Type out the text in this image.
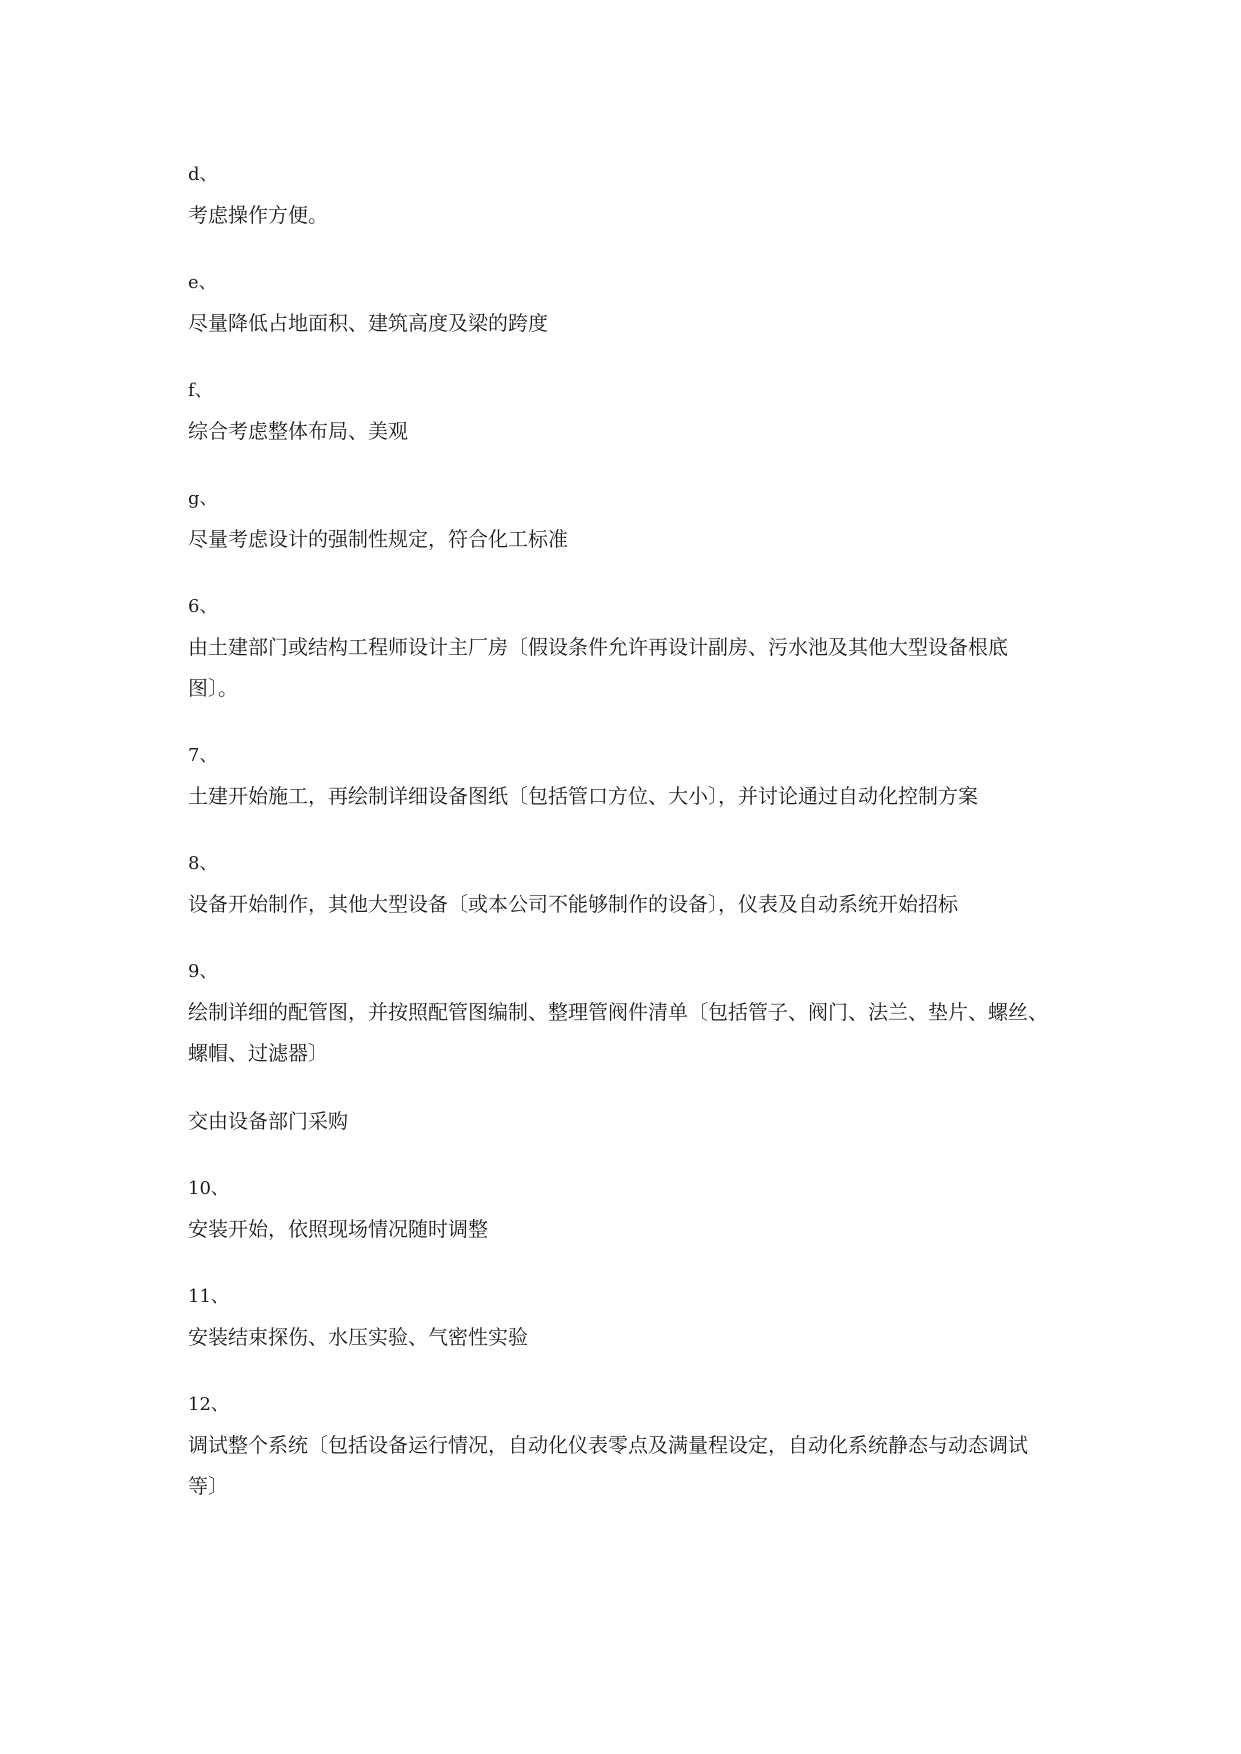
d、
考虑操作方便。
e、
尽量降低占地面积、建筑高度及梁的跨度
f、
综合考虑整体布局、美观
g、
尽量考虑设计的强制性规定，符合化工标准
6、
由土建部门或结构工程师设计主厂房〔假设条件允许再设计副房、污水池及其他大型设备根底
图〕。
7、
土建开始施工，再绘制详细设备图纸〔包括管口方位、大小〕，并讨论通过自动化控制方案
8、
设备开始制作，其他大型设备〔或本公司不能够制作的设备〕，仪表及自动系统开始招标
9、
绘制详细的配管图，并按照配管图编制、整理管阀件清单〔包括管子、阀门、法兰、垫片、螺丝、
螺帽、过滤器〕
交由设备部门采购
10、
安装开始，依照现场情况随时调整
11、
安装结束探伤、水压实验、气密性实验
12、
调试整个系统〔包括设备运行情况，自动化仪表零点及满量程设定，自动化系统静态与动态调试
等〕
